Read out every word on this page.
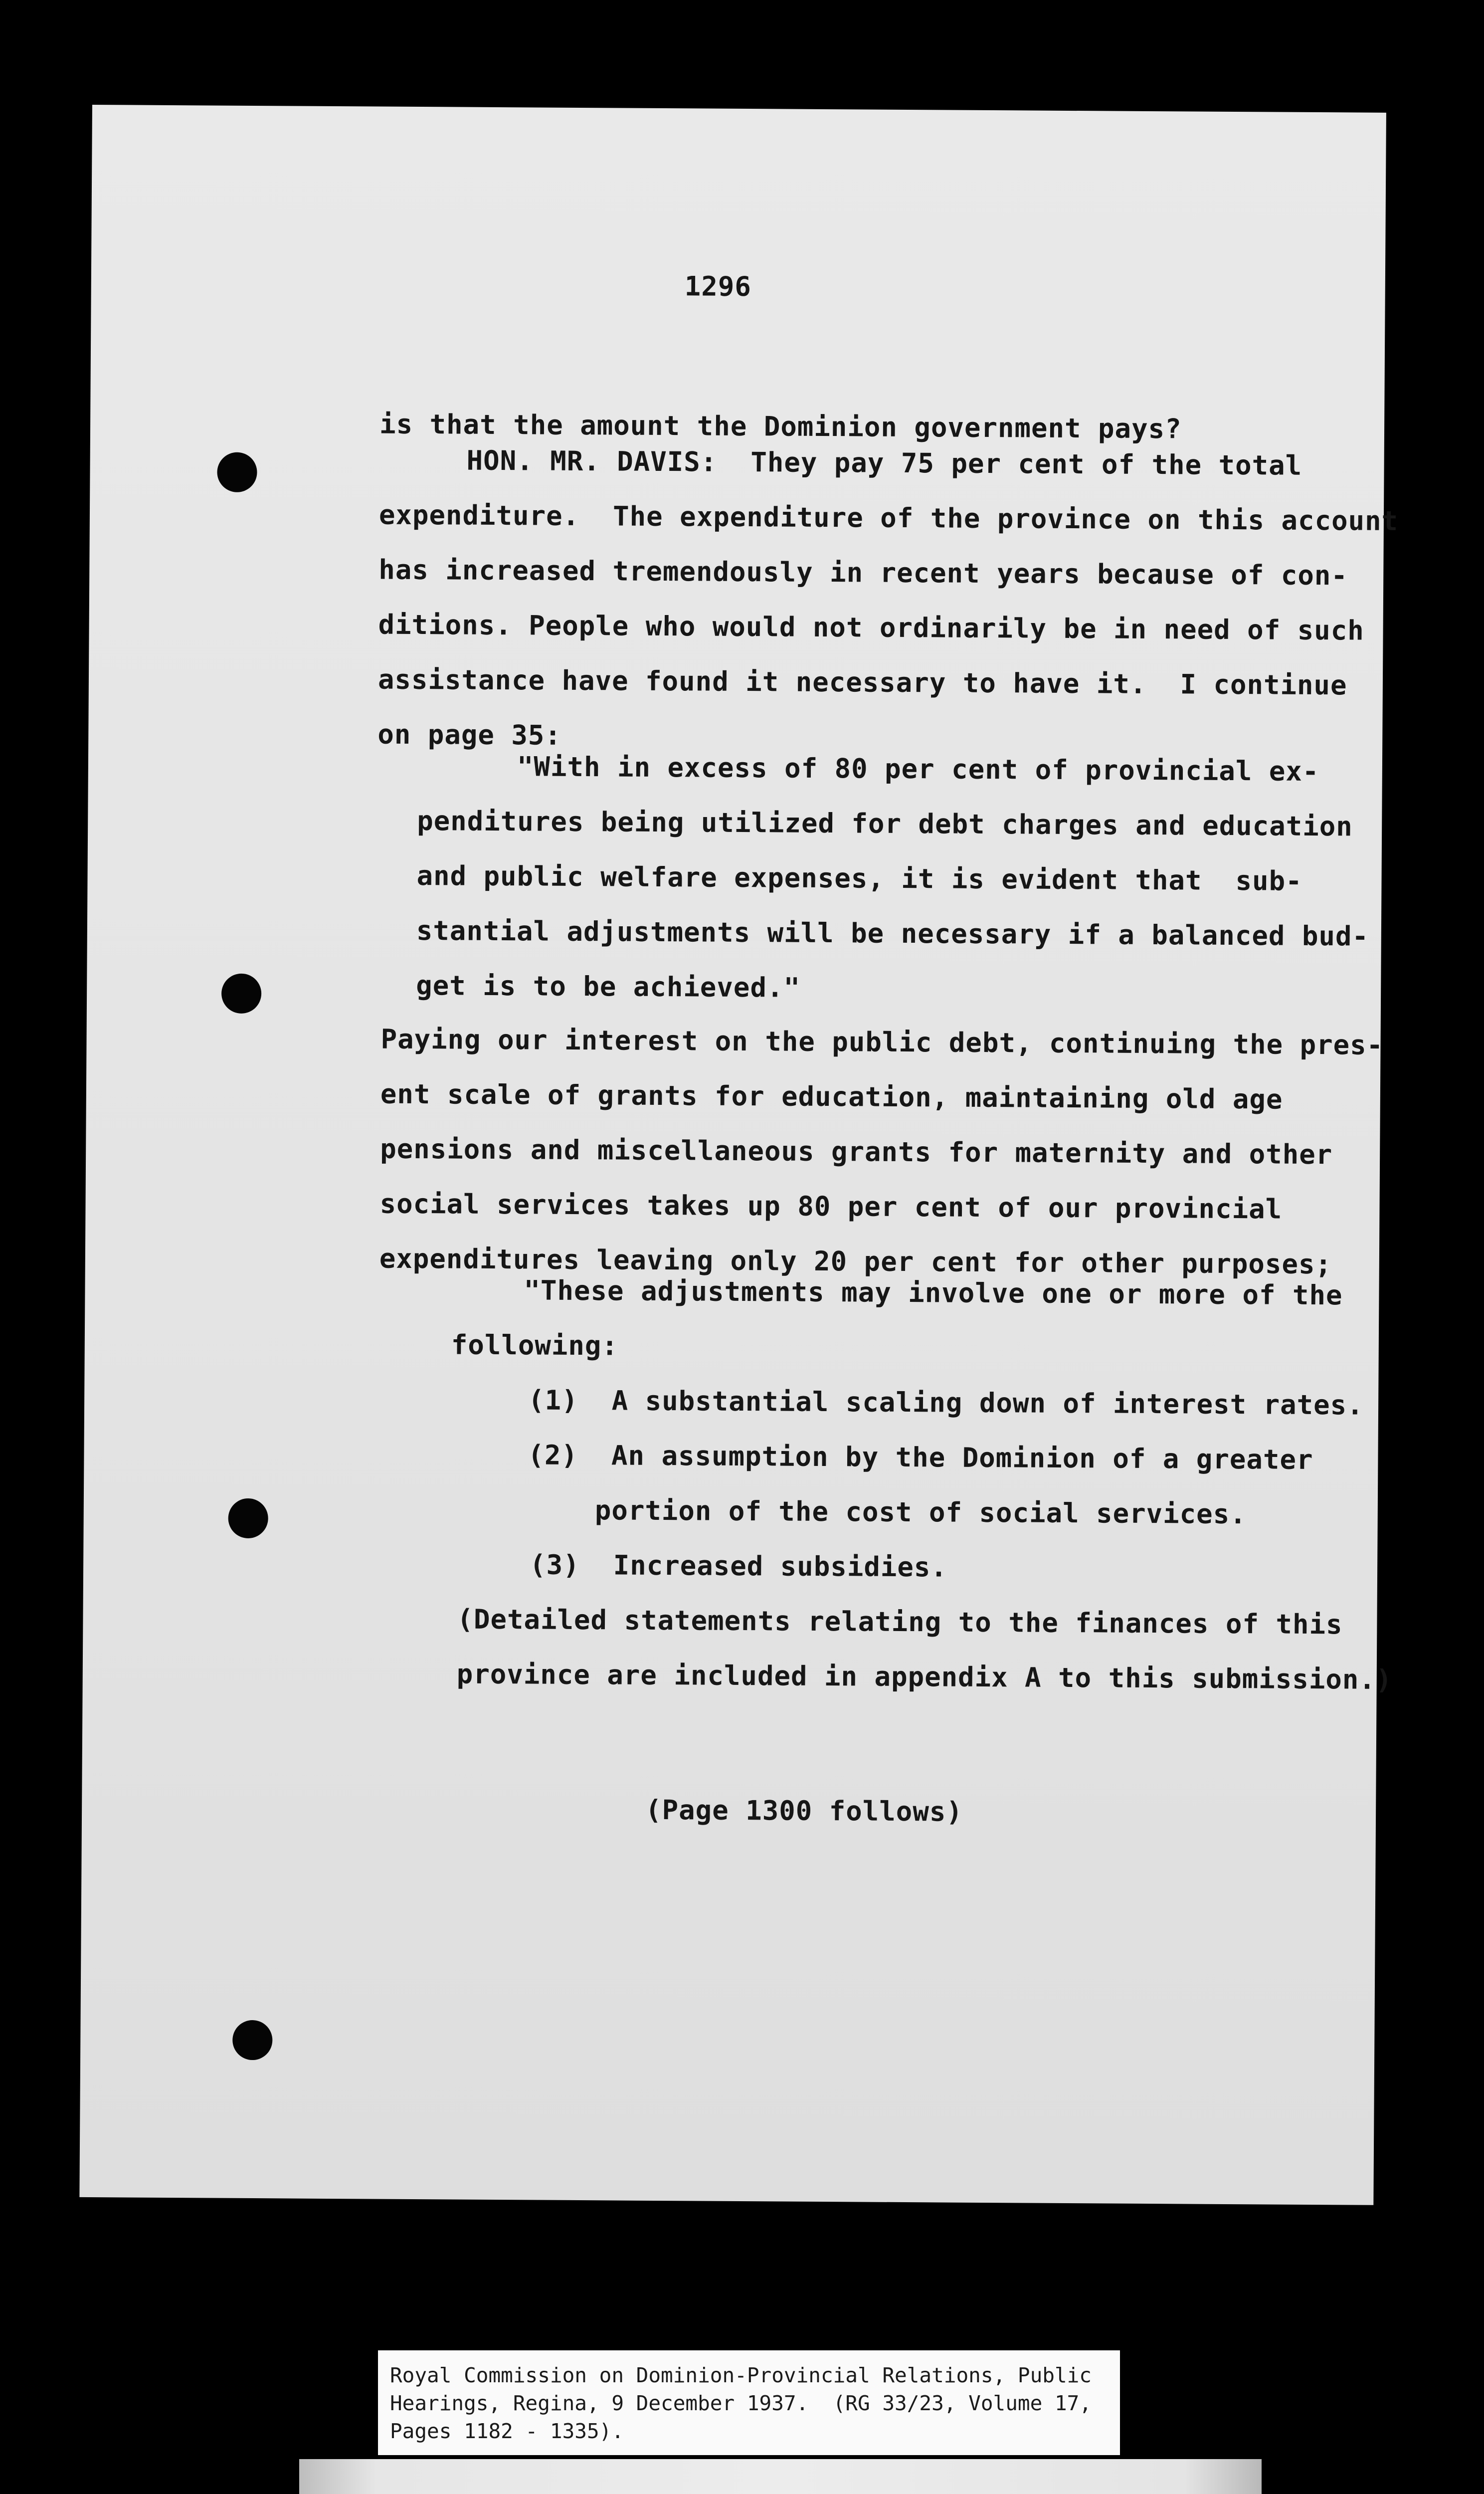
1296
is that the amount the Dominion government pays?
HON. MR. DAVIS:  They pay 75 per cent of the total
expenditure.  The expenditure of the province on this account
has increased tremendously in recent years because of con-
ditions. People who would not ordinarily be in need of such
assistance have found it necessary to have it.  I continue
on page 35:
"With in excess of 80 per cent of provincial ex-
penditures being utilized for debt charges and education
and public welfare expenses, it is evident that  sub-
stantial adjustments will be necessary if a balanced bud-
get is to be achieved."
Paying our interest on the public debt, continuing the pres-
ent scale of grants for education, maintaining old age
pensions and miscellaneous grants for maternity and other
social services takes up 80 per cent of our provincial
expenditures leaving only 20 per cent for other purposes;
"These adjustments may involve one or more of the
following:
(1)  A substantial scaling down of interest rates.
(2)  An assumption by the Dominion of a greater
portion of the cost of social services.
(3)  Increased subsidies.
(Detailed statements relating to the finances of this
province are included in appendix A to this submission.)
(Page 1300 follows)
Royal Commission on Dominion-Provincial Relations, Public
Hearings, Regina, 9 December 1937.  (RG 33/23, Volume 17,
Pages 1182 - 1335).
